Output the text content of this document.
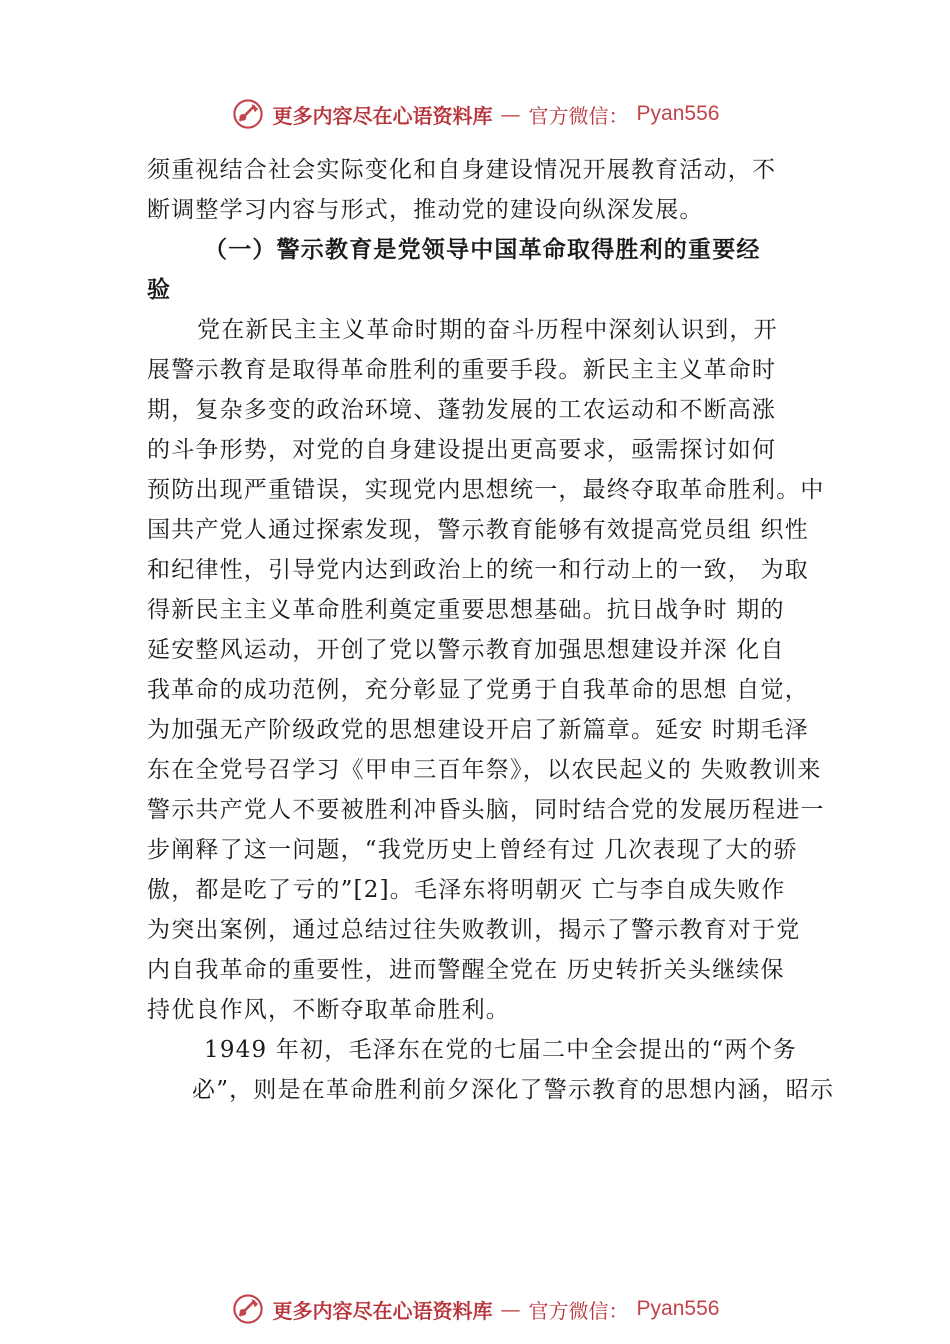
更多内容尽在心语资料库 — 官方微信： Pyan556
须重视结合社会实际变化和自身建设情况开展教育活动，不
断调整学习内容与形式，推动党的建设向纵深发展。
（一）警示教育是党领导中国革命取得胜利的重要经
验
党在新民主主义革命时期的奋斗历程中深刻认识到，开
展警示教育是取得革命胜利的重要手段。新民主主义革命时
期，复杂多变的政治环境、蓬勃发展的工农运动和不断高涨
的斗争形势，对党的自身建设提出更高要求，亟需探讨如何
预防出现严重错误，实现党内思想统一，最终夺取革命胜利。中
国共产党人通过探索发现，警示教育能够有效提高党员组 织性
和纪律性，引导党内达到政治上的统一和行动上的一致， 为取
得新民主主义革命胜利奠定重要思想基础。抗日战争时 期的
延安整风运动，开创了党以警示教育加强思想建设并深 化自
我革命的成功范例，充分彰显了党勇于自我革命的思想 自觉，
为加强无产阶级政党的思想建设开启了新篇章。延安 时期毛泽
东在全党号召学习《甲申三百年祭》，以农民起义的 失败教训来
警示共产党人不要被胜利冲昏头脑，同时结合党的发展历程进一
步阐释了这一问题，“我党历史上曾经有过 几次表现了大的骄
傲，都是吃了亏的”[2]。毛泽东将明朝灭 亡与李自成失败作
为突出案例，通过总结过往失败教训，揭示了警示教育对于党
内自我革命的重要性，进而警醒全党在 历史转折关头继续保
持优良作风，不断夺取革命胜利。
1949 年初，毛泽东在党的七届二中全会提出的“两个务
必”，则是在革命胜利前夕深化了警示教育的思想内涵，昭示
更多内容尽在心语资料库 — 官方微信： Pyan556
